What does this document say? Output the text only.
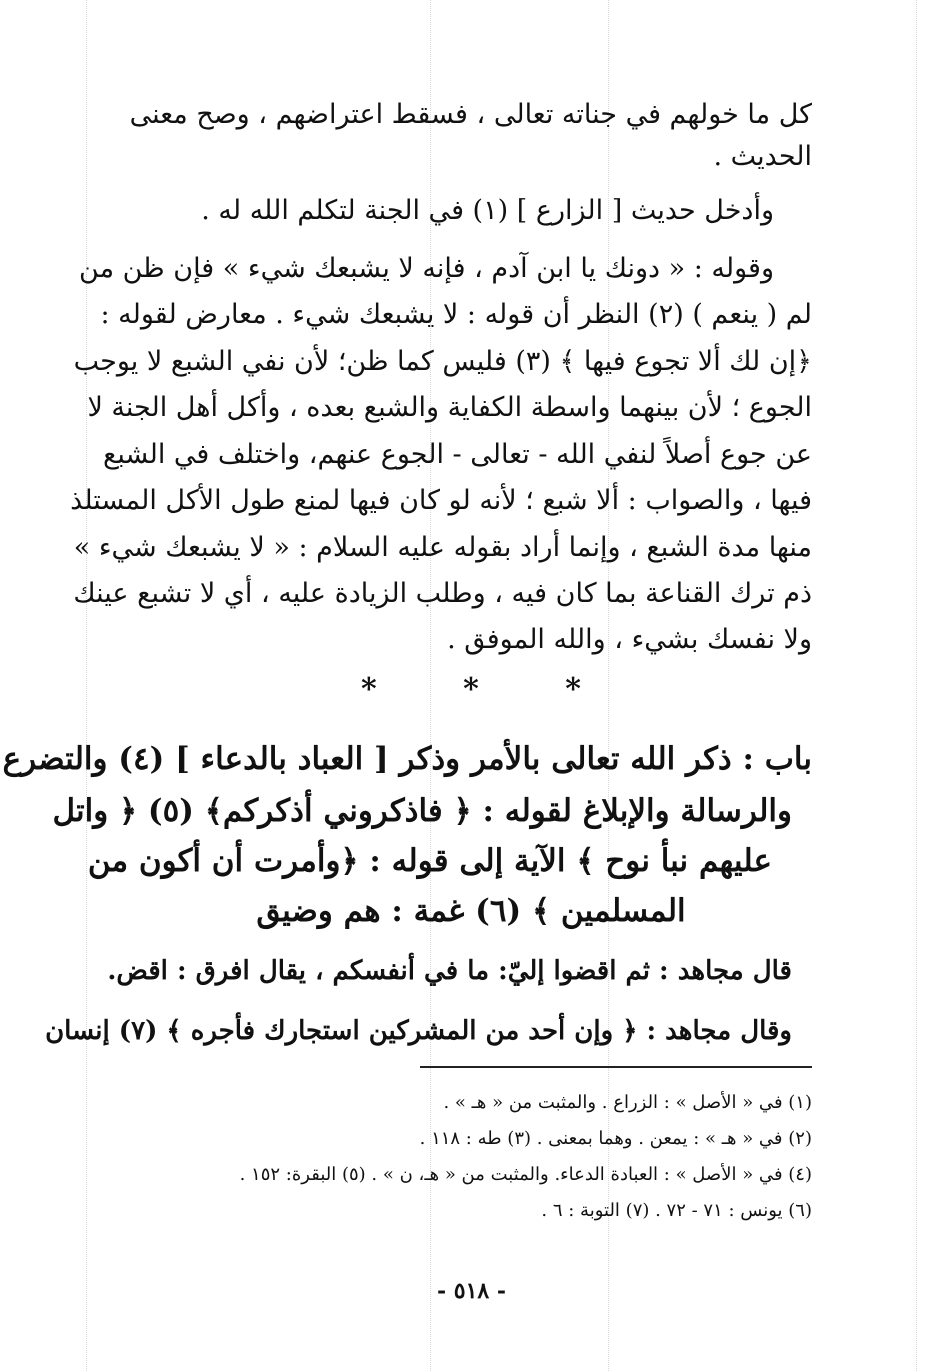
كل ما خولهم في جناته تعالى ، فسقط اعتراضهم ، وصح معنى
الحديث .
وأدخل حديث [ الزارع ] (١) في الجنة لتكلم الله له .
وقوله : « دونك يا ابن آدم ، فإنه لا يشبعك شيء » فإن ظن من
لم ( ينعم ) (٢) النظر أن قوله : لا يشبعك شيء . معارض لقوله :
﴿إن لك ألا تجوع فيها ﴾ (٣) فليس كما ظن؛ لأن نفي الشبع لا يوجب
الجوع ؛ لأن بينهما واسطة الكفاية والشبع بعده ، وأكل أهل الجنة لا
عن جوع أصلاً لنفي الله - تعالى - الجوع عنهم، واختلف في الشبع
فيها ، والصواب : ألا شبع ؛ لأنه لو كان فيها لمنع طول الأكل المستلذ
منها مدة الشبع ، وإنما أراد بقوله عليه السلام : « لا يشبعك شيء »
ذم ترك القناعة بما كان فيه ، وطلب الزيادة عليه ، أي لا تشبع عينك
ولا نفسك بشيء ، والله الموفق .
*	*	*
باب : ذكر الله تعالى بالأمر وذكر [ العباد بالدعاء ] (٤) والتضرع
والرسالة والإبلاغ لقوله : ﴿ فاذكروني أذكركم﴾ (٥) ﴿ واتل
عليهم نبأ نوح ﴾ الآية إلى قوله : ﴿وأمرت أن أكون من
المسلمين ﴾ (٦) غمة : هم وضيق
قال مجاهد : ثم اقضوا إليّ: ما في أنفسكم ، يقال افرق : اقض.
وقال مجاهد : ﴿ وإن أحد من المشركين استجارك فأجره ﴾ (٧) إنسان
(١) في « الأصل » : الزراع . والمثبت من « هـ » .
(٢) في « هـ » : يمعن . وهما بمعنى . (٣) طه : ١١٨ .
(٤) في « الأصل » : العبادة الدعاء. والمثبت من « هـ، ن » . (٥) البقرة: ١٥٢ .
(٦) يونس : ٧١ - ٧٢ . (٧) التوبة : ٦ .
- ٥١٨ -
